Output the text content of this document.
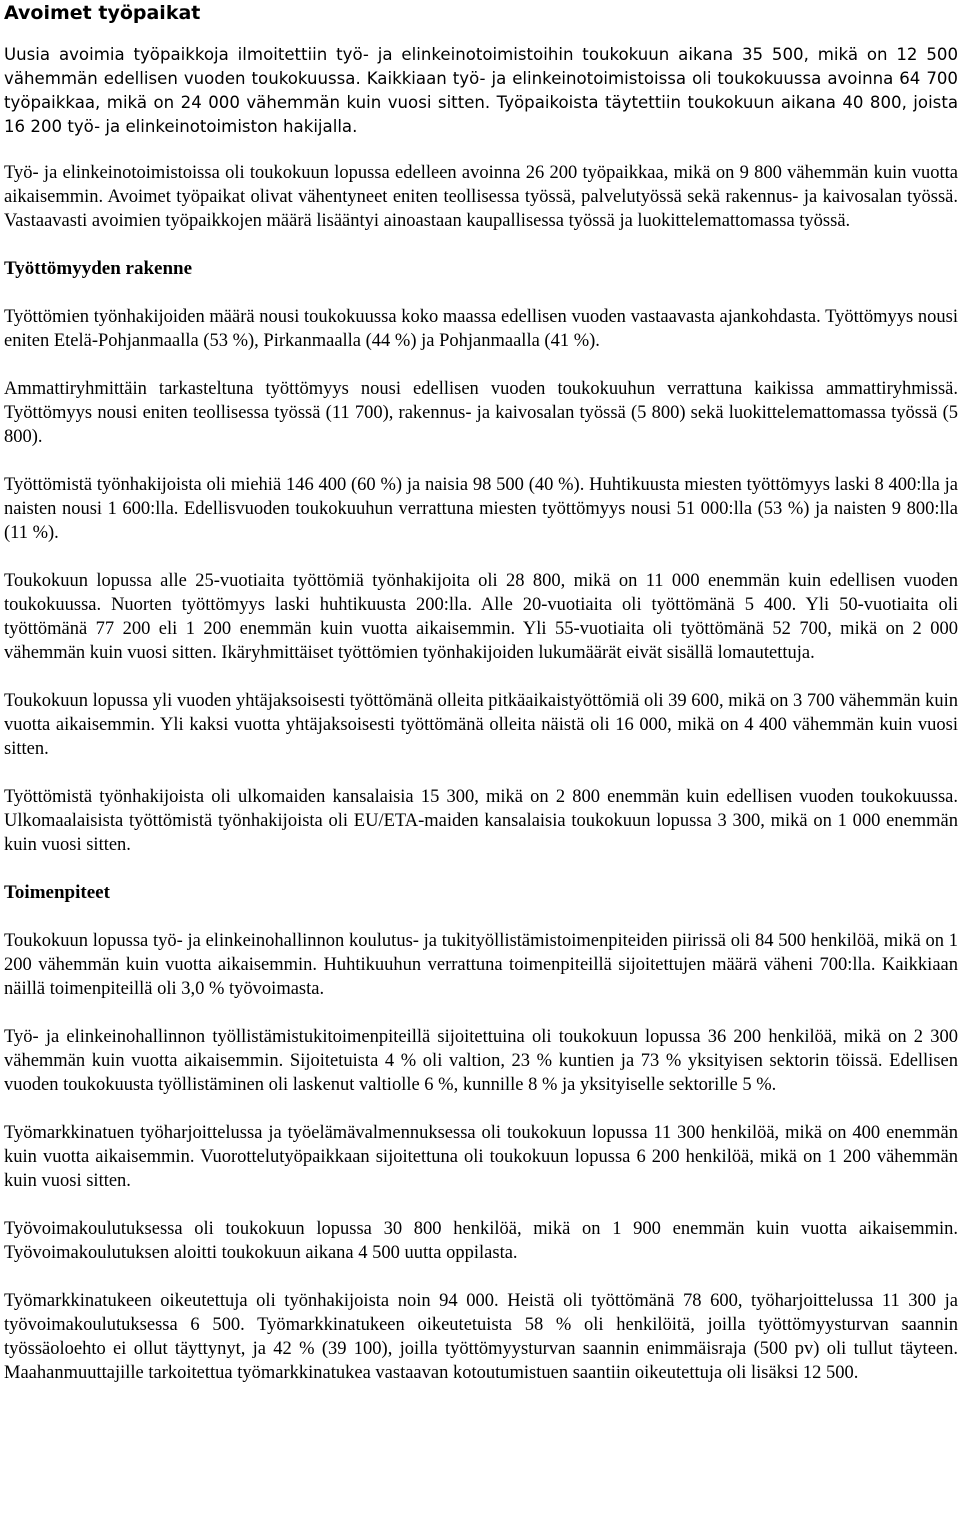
Avoimet työpaikat

Uusia avoimia työpaikkoja ilmoitettiin työ- ja elinkeinotoimistoihin toukokuun aikana 35 500, mikä on 12 500 vähemmän edellisen vuoden toukokuussa. Kaikkiaan työ- ja elinkeinotoimistoissa oli toukokuussa avoinna 64 700 työpaikkaa, mikä on 24 000 vähemmän kuin vuosi sitten. Työpaikoista täytettiin toukokuun aikana 40 800, joista 16 200 työ- ja elinkeinotoimiston hakijalla.

Työ- ja elinkeinotoimistoissa oli toukokuun lopussa edelleen avoinna 26 200 työpaikkaa, mikä on 9 800 vähemmän kuin vuotta aikaisemmin. Avoimet työpaikat olivat vähentyneet eniten teollisessa työssä, palvelutyössä sekä rakennus- ja kaivosalan työssä. Vastaavasti avoimien työpaikkojen määrä lisääntyi ainoastaan kaupallisessa työssä ja luokittelemattomassa työssä.

Työttömyyden rakenne

Työttömien työnhakijoiden määrä nousi toukokuussa koko maassa edellisen vuoden vastaavasta ajankohdasta. Työttömyys nousi eniten Etelä-Pohjanmaalla (53 %), Pirkanmaalla (44 %) ja Pohjanmaalla (41 %).

Ammattiryhmittäin tarkasteltuna työttömyys nousi edellisen vuoden toukokuuhun verrattuna kaikissa ammattiryhmissä. Työttömyys nousi eniten teollisessa työssä (11 700), rakennus- ja kaivosalan työssä (5 800) sekä luokittelemattomassa työssä (5 800).

Työttömistä työnhakijoista oli miehiä 146 400 (60 %) ja naisia 98 500 (40 %). Huhtikuusta miesten työttömyys laski 8 400:lla ja naisten nousi 1 600:lla. Edellisvuoden toukokuuhun verrattuna miesten työttömyys nousi 51 000:lla (53 %) ja naisten 9 800:lla (11 %).

Toukokuun lopussa alle 25-vuotiaita työttömiä työnhakijoita oli 28 800, mikä on 11 000 enemmän kuin edellisen vuoden toukokuussa. Nuorten työttömyys laski huhtikuusta 200:lla. Alle 20-vuotiaita oli työttömänä 5 400. Yli 50-vuotiaita oli työttömänä 77 200 eli 1 200 enemmän kuin vuotta aikaisemmin. Yli 55-vuotiaita oli työttömänä 52 700, mikä on 2 000 vähemmän kuin vuosi sitten. Ikäryhmittäiset työttömien työnhakijoiden lukumäärät eivät sisällä lomautettuja.

Toukokuun lopussa yli vuoden yhtäjaksoisesti työttömänä olleita pitkäaikaistyöttömiä oli 39 600, mikä on 3 700 vähemmän kuin vuotta aikaisemmin. Yli kaksi vuotta yhtäjaksoisesti työttömänä olleita näistä oli 16 000, mikä on 4 400 vähemmän kuin vuosi sitten.

Työttömistä työnhakijoista oli ulkomaiden kansalaisia 15 300, mikä on 2 800 enemmän kuin edellisen vuoden toukokuussa. Ulkomaalaisista työttömistä työnhakijoista oli EU/ETA-maiden kansalaisia toukokuun lopussa 3 300, mikä on 1 000 enemmän kuin vuosi sitten.

Toimenpiteet

Toukokuun lopussa työ- ja elinkeinohallinnon koulutus- ja tukityöllistämistoimenpiteiden piirissä oli 84 500 henkilöä, mikä on 1 200 vähemmän kuin vuotta aikaisemmin. Huhtikuuhun verrattuna toimenpiteillä sijoitettujen määrä väheni 700:lla. Kaikkiaan näillä toimenpiteillä oli 3,0 % työvoimasta.

Työ- ja elinkeinohallinnon työllistämistukitoimenpiteillä sijoitettuina oli toukokuun lopussa 36 200 henkilöä, mikä on 2 300 vähemmän kuin vuotta aikaisemmin. Sijoitetuista 4 % oli valtion, 23 % kuntien ja 73 % yksityisen sektorin töissä. Edellisen vuoden toukokuusta työllistäminen oli laskenut valtiolle 6 %, kunnille 8 % ja yksityiselle sektorille 5 %.

Työmarkkinatuen työharjoittelussa ja työelämävalmennuksessa oli toukokuun lopussa 11 300 henkilöä, mikä on 400 enemmän kuin vuotta aikaisemmin. Vuorottelutyöpaikkaan sijoitettuna oli toukokuun lopussa 6 200 henkilöä, mikä on 1 200 vähemmän kuin vuosi sitten.

Työvoimakoulutuksessa oli toukokuun lopussa 30 800 henkilöä, mikä on 1 900 enemmän kuin vuotta aikaisemmin. Työvoimakoulutuksen aloitti toukokuun aikana 4 500 uutta oppilasta.

Työmarkkinatukeen oikeutettuja oli työnhakijoista noin 94 000. Heistä oli työttömänä 78 600, työharjoittelussa 11 300 ja työvoimakoulutuksessa 6 500. Työmarkkinatukeen oikeutetuista 58 % oli henkilöitä, joilla työttömyysturvan saannin työssäoloehto ei ollut täyttynyt, ja 42 % (39 100), joilla työttömyysturvan saannin enimmäisraja (500 pv) oli tullut täyteen. Maahanmuuttajille tarkoitettua työmarkkinatukea vastaavan kotoutumistuen saantiin oikeutettuja oli lisäksi 12 500.
